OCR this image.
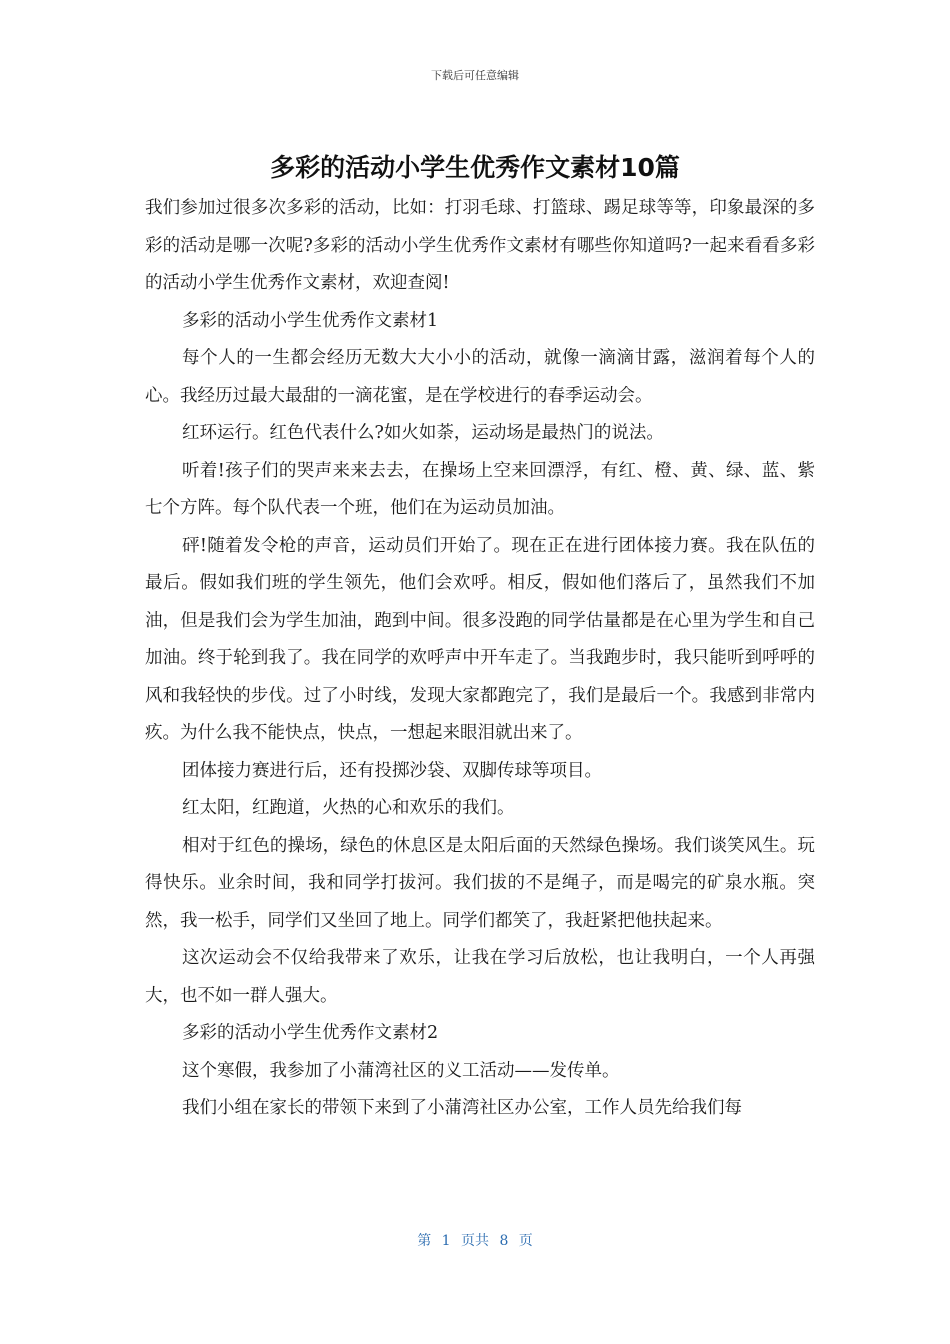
下载后可任意编辑
多彩的活动小学生优秀作文素材10篇

我们参加过很多次多彩的活动，比如：打羽毛球、打篮球、踢足球等等，印象最深的多彩的活动是哪一次呢?多彩的活动小学生优秀作文素材有哪些你知道吗?一起来看看多彩的活动小学生优秀作文素材，欢迎查阅!

多彩的活动小学生优秀作文素材1

每个人的一生都会经历无数大大小小的活动，就像一滴滴甘露，滋润着每个人的心。我经历过最大最甜的一滴花蜜，是在学校进行的春季运动会。

红环运行。红色代表什么?如火如荼，运动场是最热门的说法。

听着!孩子们的哭声来来去去，在操场上空来回漂浮，有红、橙、黄、绿、蓝、紫七个方阵。每个队代表一个班，他们在为运动员加油。

砰!随着发令枪的声音，运动员们开始了。现在正在进行团体接力赛。我在队伍的最后。假如我们班的学生领先，他们会欢呼。相反，假如他们落后了，虽然我们不加油，但是我们会为学生加油，跑到中间。很多没跑的同学估量都是在心里为学生和自己加油。终于轮到我了。我在同学的欢呼声中开车走了。当我跑步时，我只能听到呼呼的风和我轻快的步伐。过了小时线，发现大家都跑完了，我们是最后一个。我感到非常内疚。为什么我不能快点，快点，一想起来眼泪就出来了。

团体接力赛进行后，还有投掷沙袋、双脚传球等项目。

红太阳，红跑道，火热的心和欢乐的我们。

相对于红色的操场，绿色的休息区是太阳后面的天然绿色操场。我们谈笑风生。玩得快乐。业余时间，我和同学打拔河。我们拔的不是绳子，而是喝完的矿泉水瓶。突然，我一松手，同学们又坐回了地上。同学们都笑了，我赶紧把他扶起来。

这次运动会不仅给我带来了欢乐，让我在学习后放松，也让我明白，一个人再强大，也不如一群人强大。

多彩的活动小学生优秀作文素材2

这个寒假，我参加了小蒲湾社区的义工活动——发传单。

我们小组在家长的带领下来到了小蒲湾社区办公室，工作人员先给我们每

第 1 页共 8 页
